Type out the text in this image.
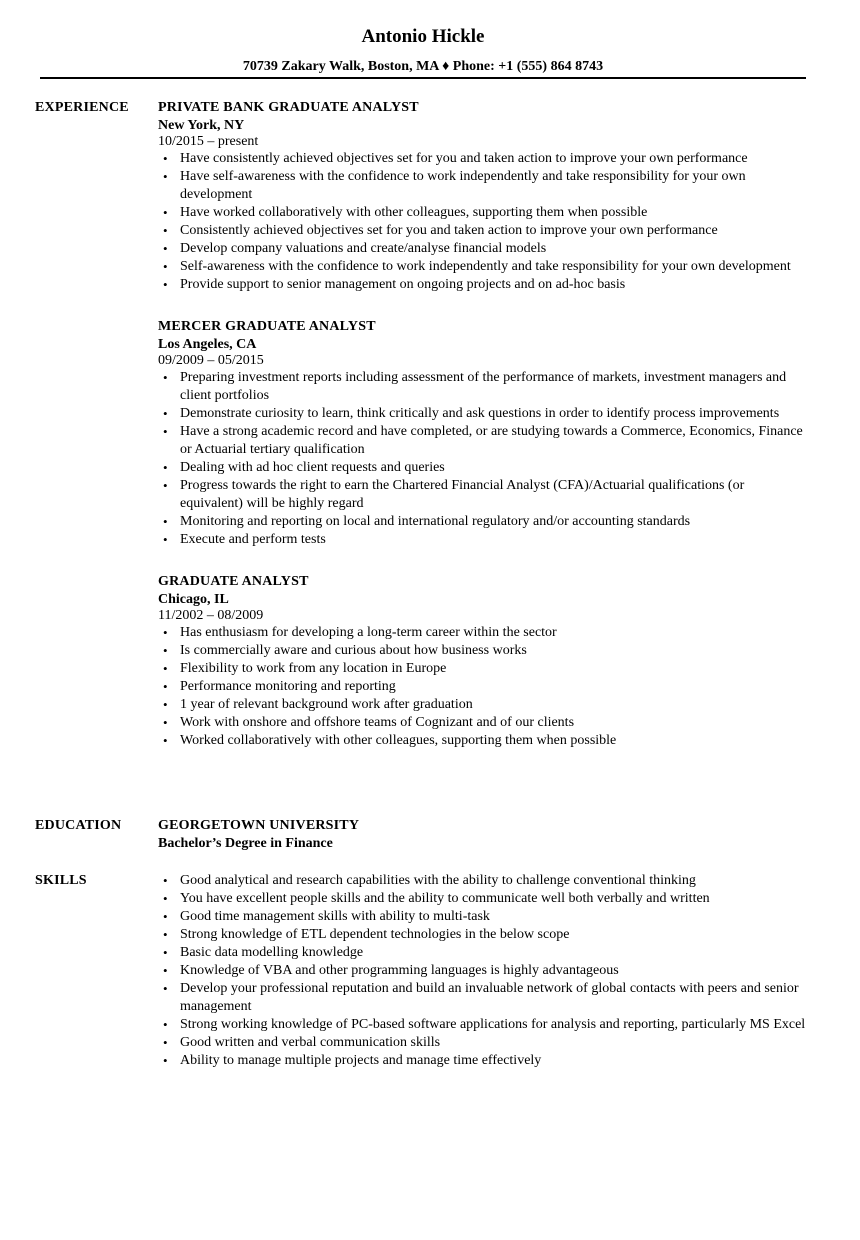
Antonio Hickle
70739 Zakary Walk, Boston, MA ♦ Phone: +1 (555) 864 8743
EXPERIENCE PRIVATE BANK GRADUATE ANALYST
New York, NY
10/2015 – present
• Have consistently achieved objectives set for you and taken action to improve your own performance
• Have self-awareness with the confidence to work independently and take responsibility for your own development
• Have worked collaboratively with other colleagues, supporting them when possible
• Consistently achieved objectives set for you and taken action to improve your own performance
• Develop company valuations and create/analyse financial models
• Self-awareness with the confidence to work independently and take responsibility for your own development
• Provide support to senior management on ongoing projects and on ad-hoc basis
MERCER GRADUATE ANALYST
Los Angeles, CA
09/2009 – 05/2015
• Preparing investment reports including assessment of the performance of markets, investment managers and client portfolios
• Demonstrate curiosity to learn, think critically and ask questions in order to identify process improvements
• Have a strong academic record and have completed, or are studying towards a Commerce, Economics, Finance or Actuarial tertiary qualification
• Dealing with ad hoc client requests and queries
• Progress towards the right to earn the Chartered Financial Analyst (CFA)/Actuarial qualifications (or equivalent) will be highly regard
• Monitoring and reporting on local and international regulatory and/or accounting standards
• Execute and perform tests
GRADUATE ANALYST
Chicago, IL
11/2002 – 08/2009
• Has enthusiasm for developing a long-term career within the sector
• Is commercially aware and curious about how business works
• Flexibility to work from any location in Europe
• Performance monitoring and reporting
• 1 year of relevant background work after graduation
• Work with onshore and offshore teams of Cognizant and of our clients
• Worked collaboratively with other colleagues, supporting them when possible
EDUCATION	GEORGETOWN UNIVERSITY
Bachelor’s Degree in Finance
SKILLS
•	Good analytical and research capabilities with the ability to challenge conventional thinking
• You have excellent people skills and the ability to communicate well both verbally and written
• Good time management skills with ability to multi-task
• Strong knowledge of ETL dependent technologies in the below scope
• Basic data modelling knowledge
• Knowledge of VBA and other programming languages is highly advantageous
• Develop your professional reputation and build an invaluable network of global contacts with peers and senior management
• Strong working knowledge of PC-based software applications for analysis and reporting, particularly MS Excel
• Good written and verbal communication skills
• Ability to manage multiple projects and manage time effectively
